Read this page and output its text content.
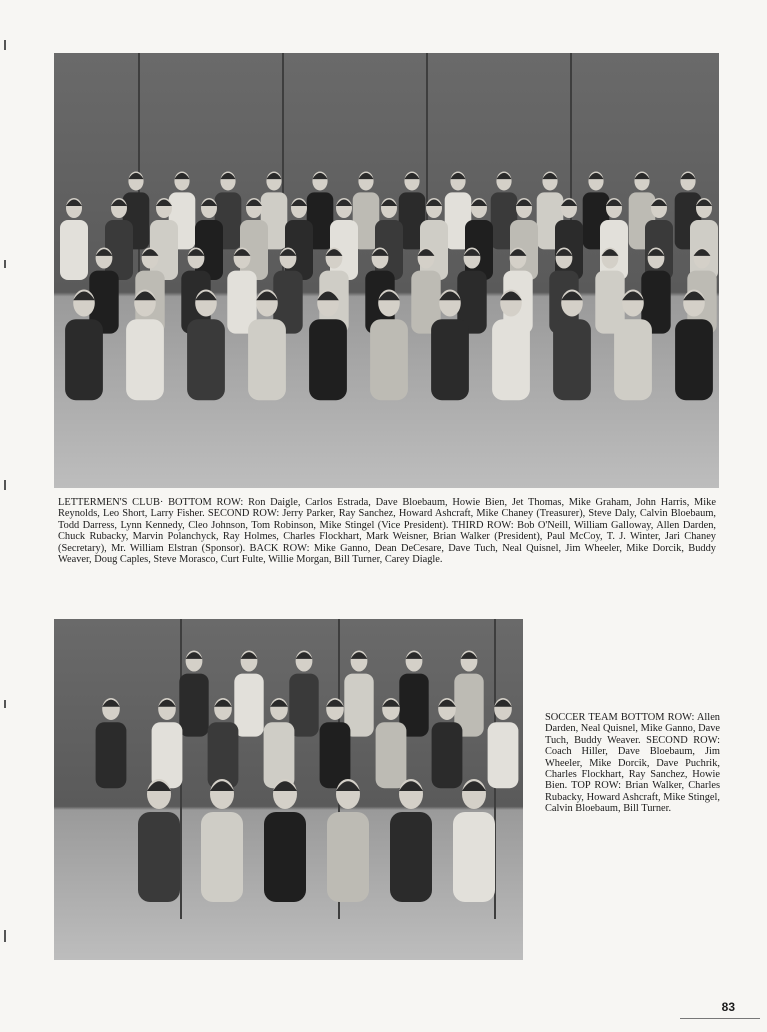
LETTERMEN'S CLUB· BOTTOM ROW: Ron Daigle, Carlos Estrada, Dave Bloebaum, Howie Bien, Jet Thomas, Mike Graham, John Harris, Mike Reynolds, Leo Short, Larry Fisher. SECOND ROW: Jerry Parker, Ray Sanchez, Howard Ashcraft, Mike Chaney (Treasurer), Steve Daly, Calvin Bloebaum, Todd Darress, Lynn Kennedy, Cleo Johnson, Tom Robinson, Mike Stingel (Vice President). THIRD ROW: Bob O'Neill, William Galloway, Allen Darden, Chuck Rubacky, Marvin Polanchyck, Ray Holmes, Charles Flockhart, Mark Weisner, Brian Walker (President), Paul McCoy, T. J. Winter, Jari Chaney (Secretary), Mr. William Elstran (Sponsor). BACK ROW: Mike Ganno, Dean DeCesare, Dave Tuch, Neal Quisnel, Jim Wheeler, Mike Dorcik, Buddy Weaver, Doug Caples, Steve Morasco, Curt Fulte, Willie Morgan, Bill Turner, Carey Diagle.

SOCCER TEAM BOTTOM ROW: Allen Darden, Neal Quisnel, Mike Ganno, Dave Tuch, Buddy Weaver. SECOND ROW: Coach Hiller, Dave Bloebaum, Jim Wheeler, Mike Dorcik, Dave Puchrik, Charles Flockhart, Ray Sanchez, Howie Bien. TOP ROW: Brian Walker, Charles Rubacky, Howard Ashcraft, Mike Stingel, Calvin Bloebaum, Bill Turner.

83
